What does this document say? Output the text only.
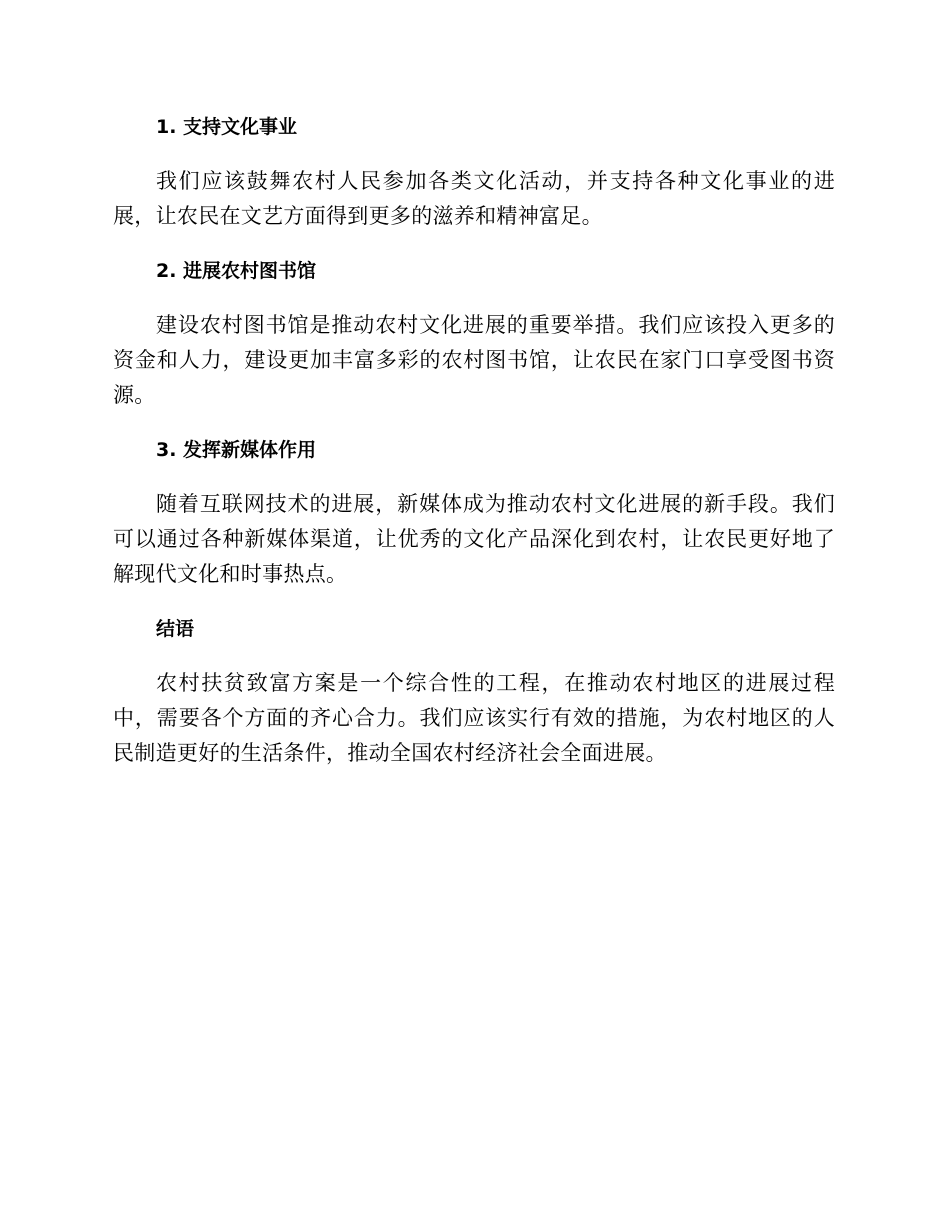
1. 支持文化事业

我们应该鼓舞农村人民参加各类文化活动，并支持各种文化事业的进展，让农民在文艺方面得到更多的滋养和精神富足。

2. 进展农村图书馆

建设农村图书馆是推动农村文化进展的重要举措。我们应该投入更多的资金和人力，建设更加丰富多彩的农村图书馆，让农民在家门口享受图书资源。

3. 发挥新媒体作用

随着互联网技术的进展，新媒体成为推动农村文化进展的新手段。我们可以通过各种新媒体渠道，让优秀的文化产品深化到农村，让农民更好地了解现代文化和时事热点。

结语

农村扶贫致富方案是一个综合性的工程，在推动农村地区的进展过程中，需要各个方面的齐心合力。我们应该实行有效的措施，为农村地区的人民制造更好的生活条件，推动全国农村经济社会全面进展。
